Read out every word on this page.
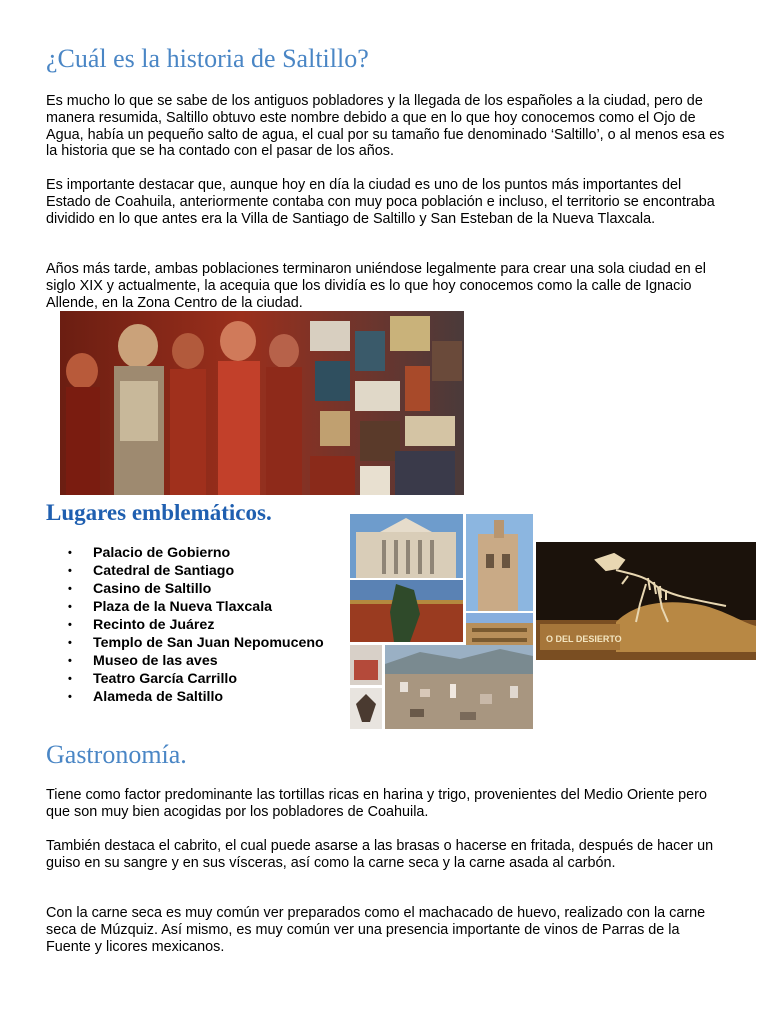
¿Cuál es la historia de Saltillo?

Es mucho lo que se sabe de los antiguos pobladores y la llegada de los españoles a la ciudad, pero de manera resumida, Saltillo obtuvo este nombre debido a que en lo que hoy conocemos como el Ojo de Agua, había un pequeño salto de agua, el cual por su tamaño fue denominado ‘Saltillo’, o al menos esa es la historia que se ha contado con el pasar de los años.

Es importante destacar que, aunque hoy en día la ciudad es uno de los puntos más importantes del Estado de Coahuila, anteriormente contaba con muy poca población e incluso, el territorio se encontraba dividido en lo que antes era la Villa de Santiago de Saltillo y San Esteban de la Nueva Tlaxcala.

Años más tarde, ambas poblaciones terminaron uniéndose legalmente para crear una sola ciudad en el siglo XIX y actualmente, la acequia que los dividía es lo que hoy conocemos como la calle de Ignacio Allende, en la Zona Centro de la ciudad.

Lugares emblemáticos.
• Palacio de Gobierno
• Catedral de Santiago
• Casino de Saltillo
• Plaza de la Nueva Tlaxcala
• Recinto de Juárez
• Templo de San Juan Nepomuceno
• Museo de las aves
• Teatro García Carrillo
• Alameda de Saltillo
O DEL DESIERTO
Gastronomía.

Tiene como factor predominante las tortillas ricas en harina y trigo, provenientes del Medio Oriente pero que son muy bien acogidas por los pobladores de Coahuila.

También destaca el cabrito, el cual puede asarse a las brasas o hacerse en fritada, después de hacer un guiso en su sangre y en sus vísceras, así como la carne seca y la carne asada al carbón.

Con la carne seca es muy común ver preparados como el machacado de huevo, realizado con la carne seca de Múzquiz. Así mismo, es muy común ver una presencia importante de vinos de Parras de la Fuente y licores mexicanos.
